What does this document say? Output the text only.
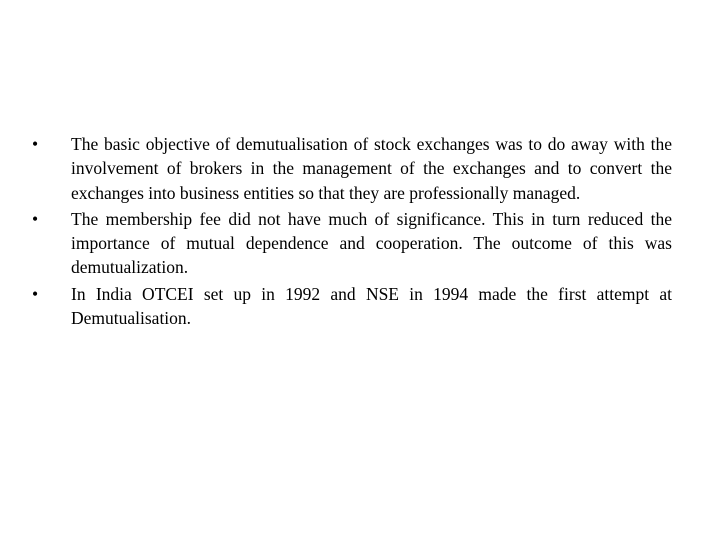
•	The basic objective of demutualisation of stock exchanges was to do away with the involvement of brokers in the management of the exchanges and to convert the exchanges into business entities so that they are professionally managed.
•	The membership fee did not have much of significance. This in turn reduced the importance of mutual dependence and cooperation. The outcome of this was demutualization.
•	In India OTCEI set up in 1992 and NSE in 1994 made the first attempt at Demutualisation.
